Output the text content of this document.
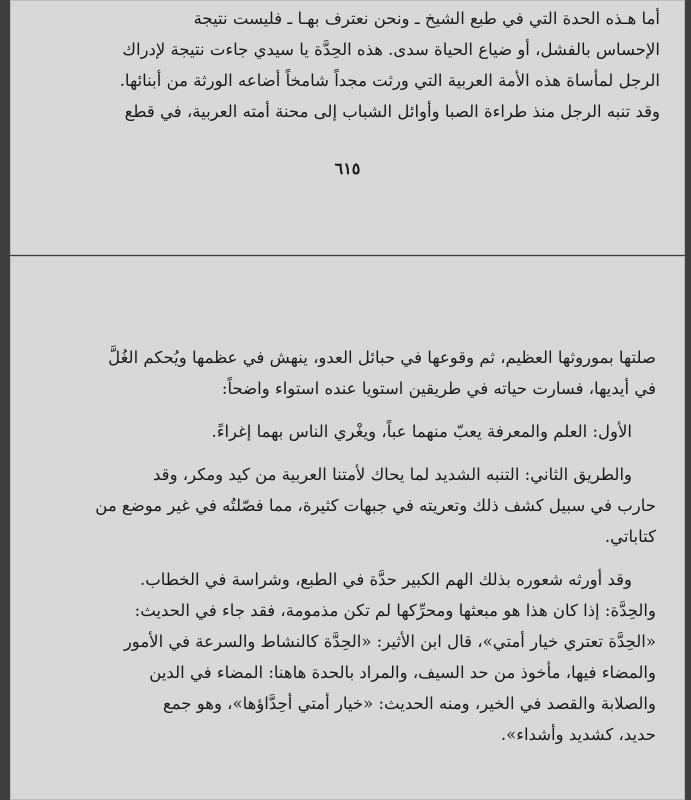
أما هـذه الحدة التي في طبع الشيخ ـ ونحن نعترف بهـا ـ فليست نتيجة
الإحساس بالفشل، أو ضياع الحياة سدى. هذه الحِدَّة يا سيدي جاءت نتيجة لإدراك
الرجل لمأساة هذه الأمة العربية التي ورثت مجداً شامخاً أضاعه الورثة من أبنائها.
وقد تنبه الرجل منذ طراءة الصبا وأوائل الشباب إلى محنة أمته العربية، في قطع
٦١٥
صلتها بموروثها العظيم، ثم وقوعها في حبائل العدو، ينهش في عظمها ويُحكم الغُلَّ
في أيديها، فسارت حياته في طريقين استويا عنده استواء واضحاً:
الأول: العلم والمعرفة يعبّ منهما عباً، ويغْري الناس بهما إغراءً.
والطريق الثاني: التنبه الشديد لما يحاك لأمتنا العربية من كيد ومكر، وقد
حارب في سبيل كشف ذلك وتعريته في جبهات كثيرة، مما فصّلتُه في غير موضع من
كتاباتي.
وقد أورثه شعوره بذلك الهم الكبير حدَّة في الطبع، وشراسة في الخطاب.
والحِدَّة: إذا كان هذا هو مبعثها ومحرِّكها لم تكن مذمومة، فقد جاء في الحديث:
«الحِدَّة تعتري خيار أمتي»، قال ابن الأثير: «الحِدَّة كالنشاط والسرعة في الأمور
والمضاء فيها، مأخوذ من حد السيف، والمراد بالحدة هاهنا: المضاء في الدين
والصلابة والقصد في الخير، ومنه الحديث: «خيار أمتي أحِدَّاؤها»، وهو جمع
حديد، كشديد وأشداء».
